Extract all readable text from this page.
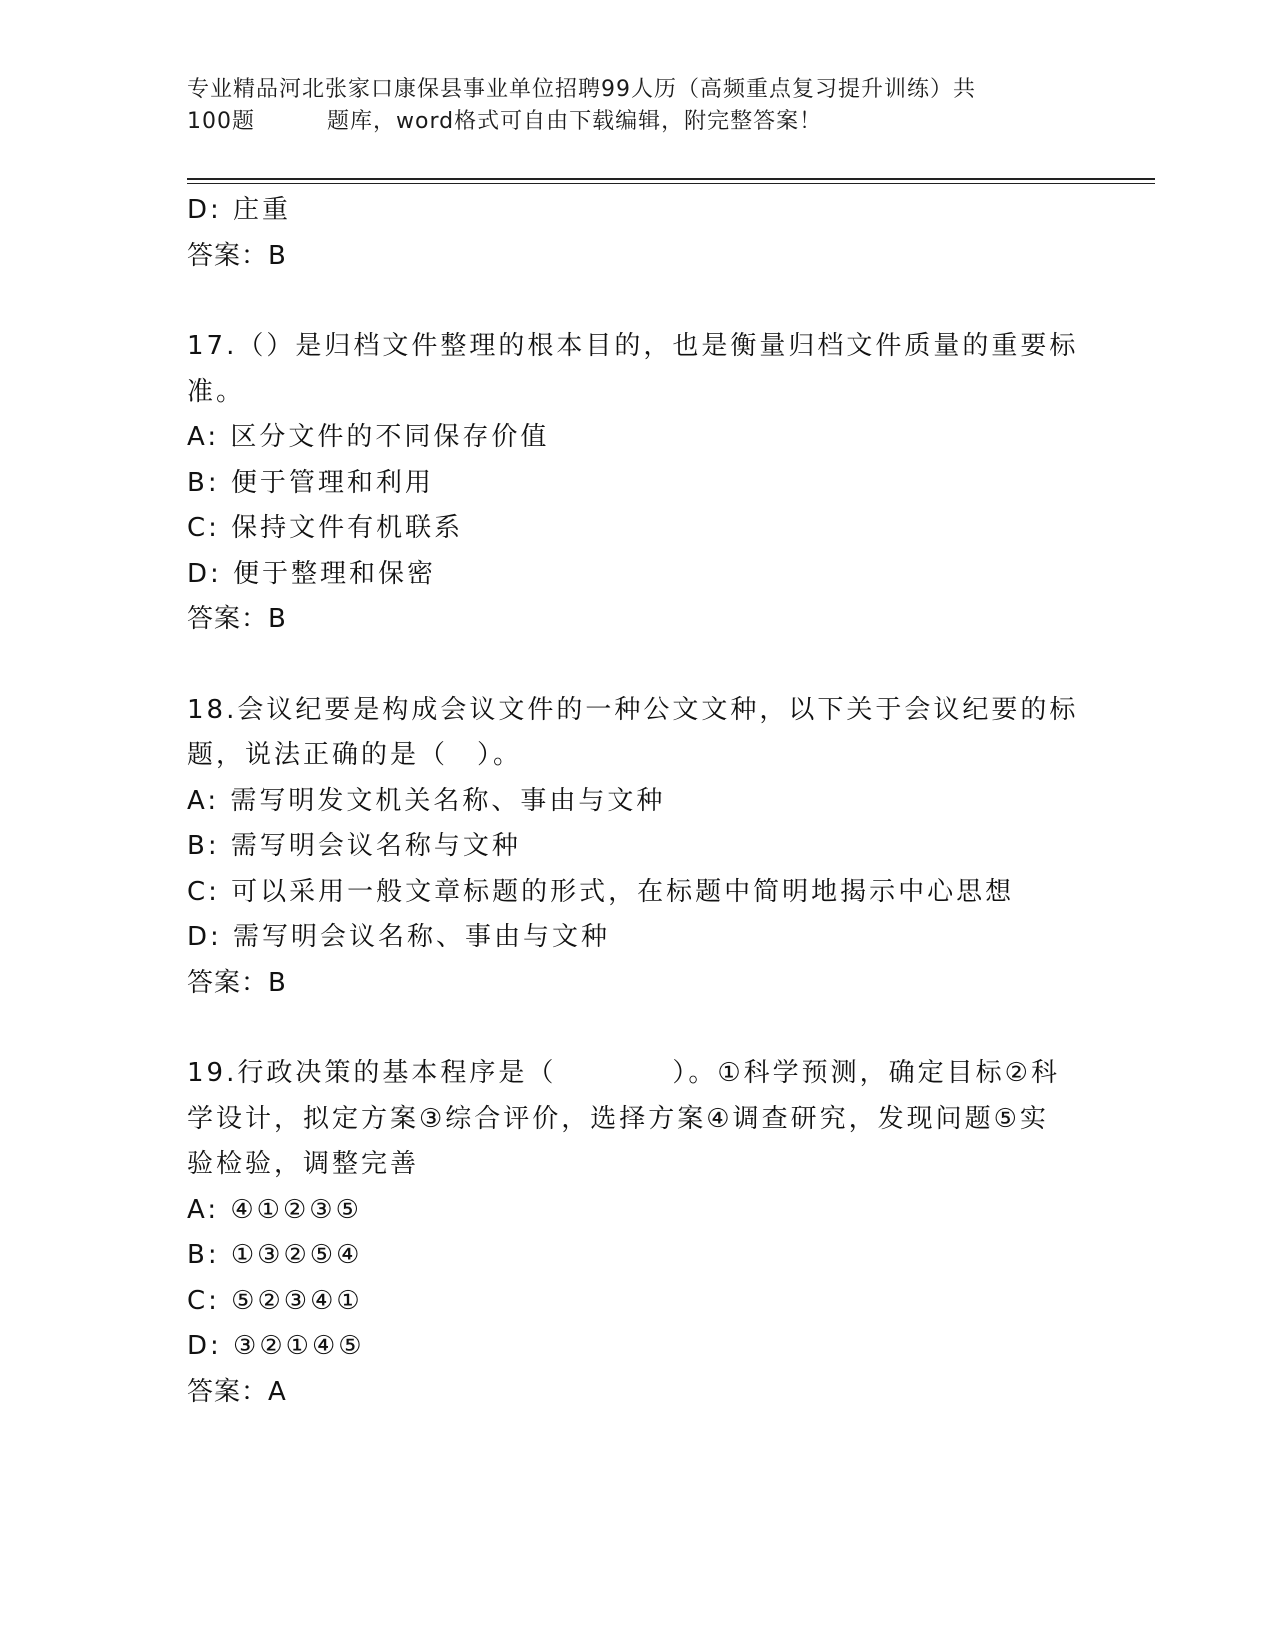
专业精品河北张家口康保县事业单位招聘99人历（高频重点复习提升训练）共
100题	题库，word格式可自由下载编辑，附完整答案！
D: 庄重
答案：B
17.（）是归档文件整理的根本目的，也是衡量归档文件质量的重要标
准。
A: 区分文件的不同保存价值
B: 便于管理和利用
C: 保持文件有机联系
D: 便于整理和保密
答案：B
18.会议纪要是构成会议文件的一种公文文种，以下关于会议纪要的标
题，说法正确的是（　）。
A: 需写明发文机关名称、事由与文种
B: 需写明会议名称与文种
C: 可以采用一般文章标题的形式，在标题中简明地揭示中心思想
D: 需写明会议名称、事由与文种
答案：B
19.行政决策的基本程序是（　　　　）。①科学预测，确定目标②科
学设计，拟定方案③综合评价，选择方案④调查研究，发现问题⑤实
验检验，调整完善
A: ④①②③⑤
B: ①③②⑤④
C: ⑤②③④①
D: ③②①④⑤
答案：A
